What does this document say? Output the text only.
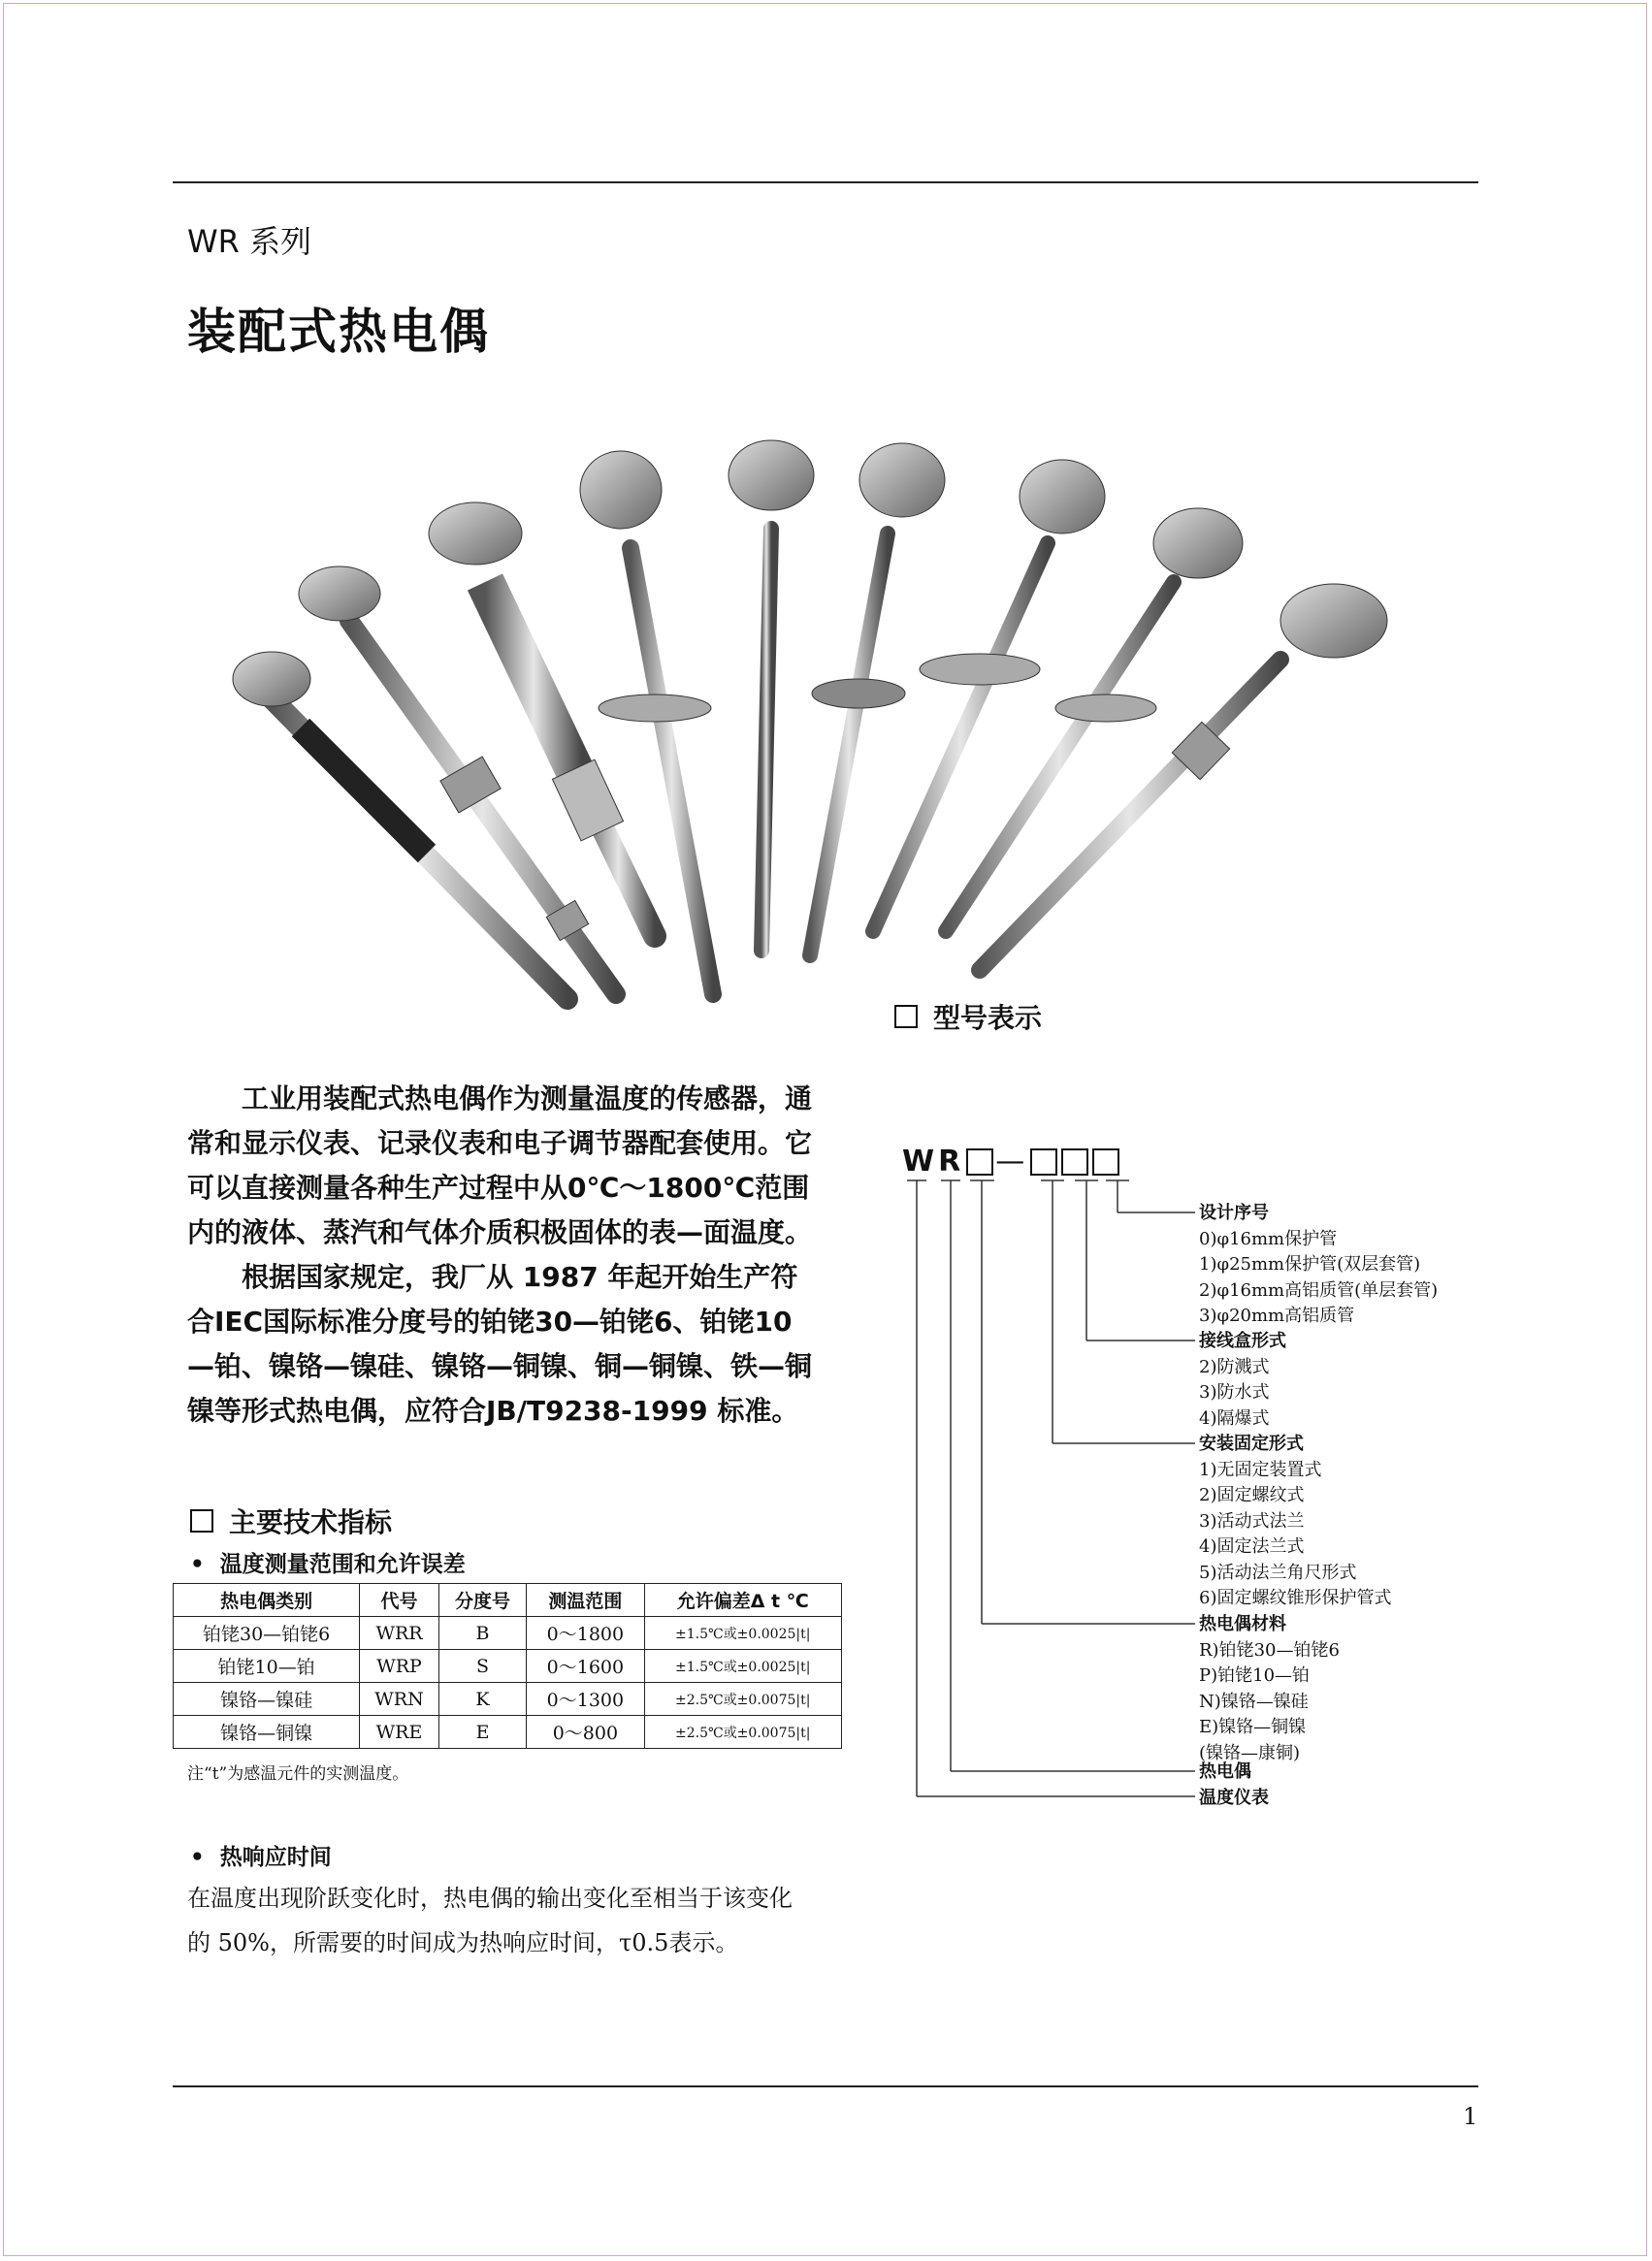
WR 系列
装配式热电偶
型号表示
WR —

工业用装配式热电偶作为测量温度的传感器，通常和显示仪表、记录仪表和电子调节器配套使用。它可以直接测量各种生产过程中从0℃～1800℃范围内的液体、蒸汽和气体介质积极固体的表—面温度。

根据国家规定，我厂从 1987 年起开始生产符合IEC国际标准分度号的铂铑30—铂铑6、铂铑10—铂、镍铬—镍硅、镍铬—铜镍、铜—铜镍、铁—铜镍等形式热电偶，应符合JB/T9238-1999 标准。

主要技术指标
•  温度测量范围和允许误差
热电偶类别	代号	分度号	测温范围	允许偏差Δ t ℃
铂铑30—铂铑6	WRR	B	0～1800	±1.5℃或±0.0025|t|
铂铑10—铂	WRP	S	0～1600	±1.5℃或±0.0025|t|
镍铬—镍硅	WRN	K	0～1300	±2.5℃或±0.0075|t|
镍铬—铜镍	WRE	E	0～800	±2.5℃或±0.0075|t|
注“t”为感温元件的实测温度。
•  热响应时间

在温度出现阶跃变化时，热电偶的输出变化至相当于该变化

的 50%，所需要的时间成为热响应时间，τ0.5表示。

设计序号
0)φ16mm保护管
1)φ25mm保护管(双层套管)
2)φ16mm高铝质管(单层套管)
3)φ20mm高铝质管
接线盒形式
2)防溅式
3)防水式
4)隔爆式
安装固定形式
1)无固定装置式
2)固定螺纹式
3)活动式法兰
4)固定法兰式
5)活动法兰角尺形式
6)固定螺纹锥形保护管式
热电偶材料
R)铂铑30—铂铑6
P)铂铑10—铂
N)镍铬—镍硅
E)镍铬—铜镍
(镍铬—康铜)
热电偶
温度仪表
1
